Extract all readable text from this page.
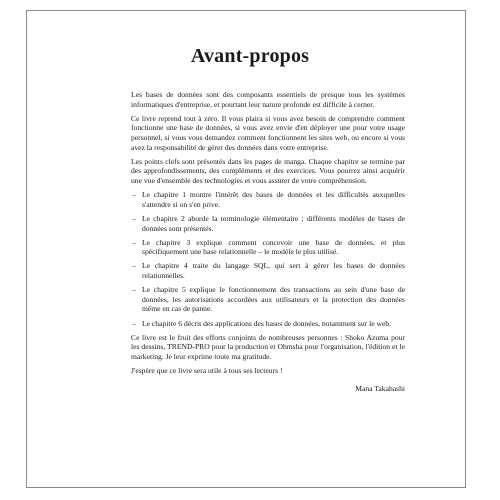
Avant-propos

Les bases de données sont des composants essentiels de presque tous les systèmes informatiques d'entreprise, et pourtant leur nature profonde est difficile à cerner.

Ce livre reprend tout à zéro. Il vous plaira si vous avez besoin de comprendre comment fonctionne une base de données, si vous avez envie d'en déployer une pour votre usage personnel, si vous vous demandez comment fonctionnent les sites web, ou encore si vous avez la responsabilité de gérer des données dans votre entreprise.

Les points clefs sont présentés dans les pages de manga. Chaque chapitre se termine par des approfondissements, des compléments et des exercices. Vous pourrez ainsi acquérir une vue d'ensemble des technologies et vous assurer de votre compréhension.

– Le chapitre 1 montre l'intérêt des bases de données et les difficultés auxquelles s'attendre si on s'en prive.
– Le chapitre 2 aborde la terminologie élémentaire ; différents modèles de bases de données sont présentés.
– Le chapitre 3 explique comment concevoir une base de données, et plus spécifiquement une base relationnelle – le modèle le plus utilisé.
– Le chapitre 4 traite du langage SQL, qui sert à gérer les bases de données relationnelles.
– Le chapitre 5 explique le fonctionnement des transactions au sein d'une base de données, les autorisations accordées aux utilisateurs et la protection des données même en cas de panne.
– Le chapitre 6 décrit des applications des bases de données, notamment sur le web.

Ce livre est le fruit des efforts conjoints de nombreuses personnes : Shoko Azuma pour les dessins, TREND-PRO pour la production et Ohmsha pour l'organisation, l'édition et le marketing. Je leur exprime toute ma gratitude.

J'espère que ce livre sera utile à tous ses lecteurs !

Mana Takahashi
